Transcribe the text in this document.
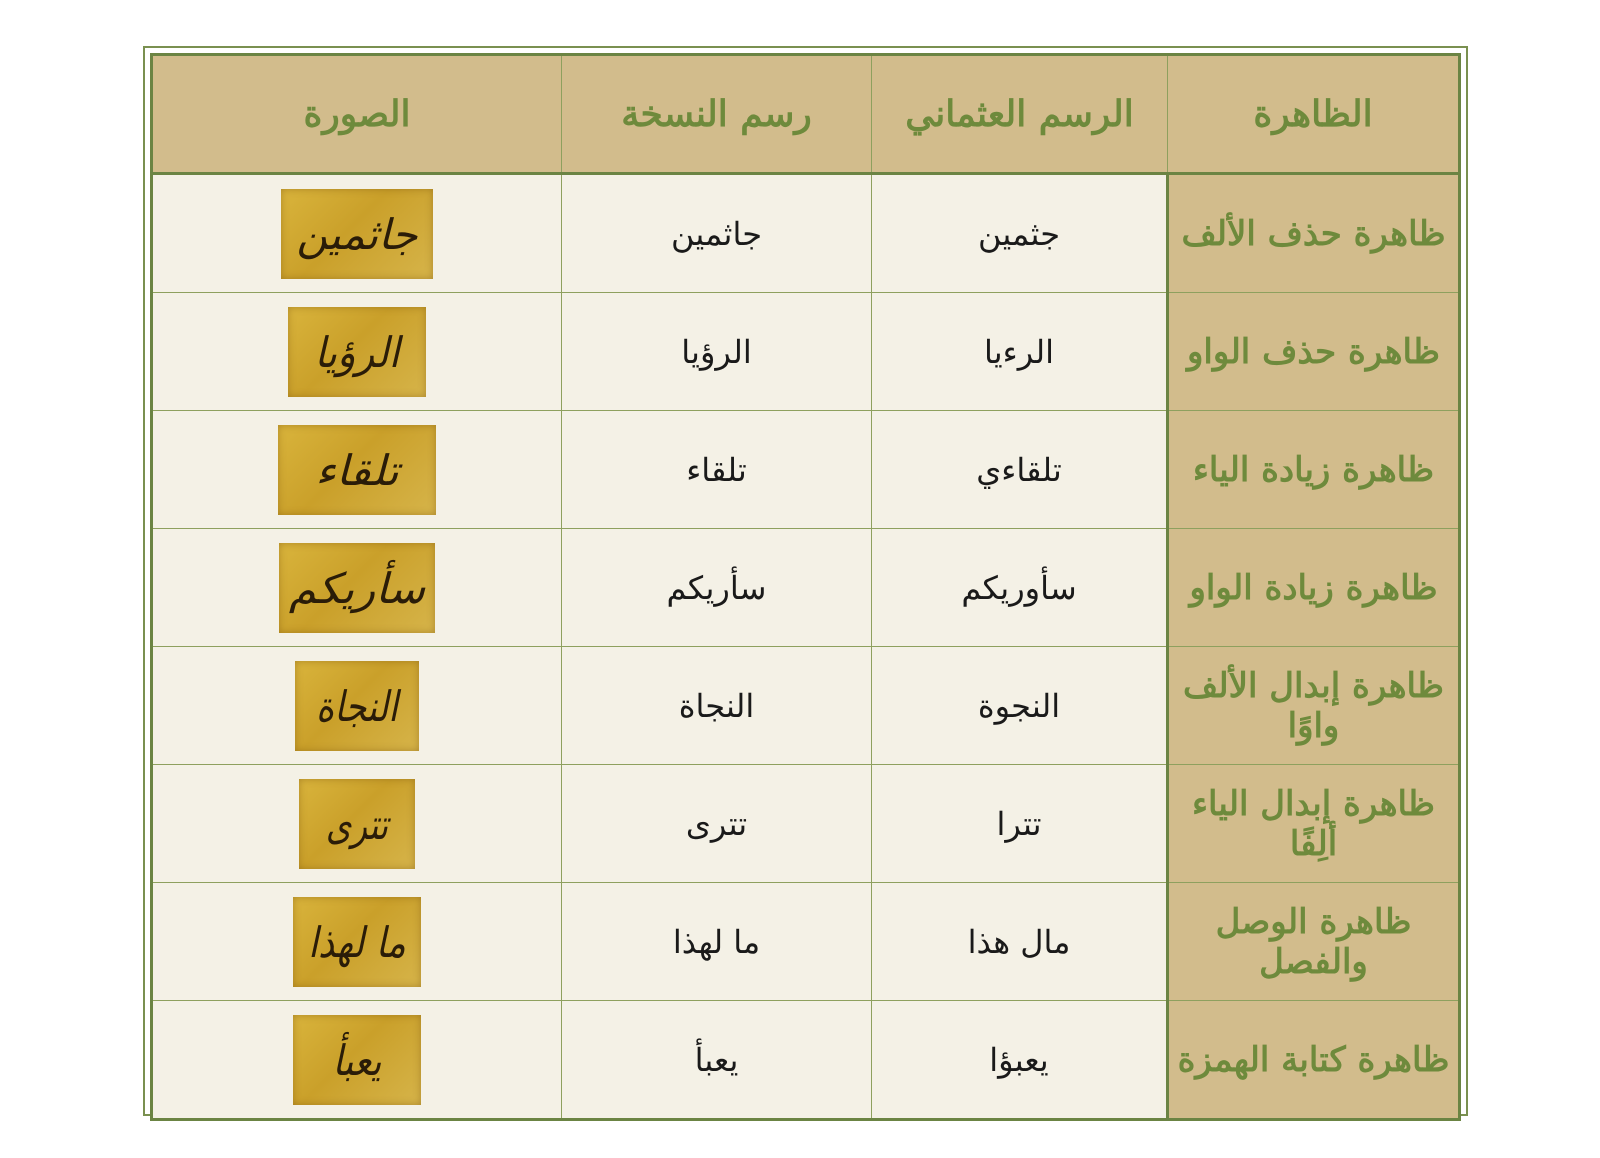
الظاهرة	الرسم العثماني	رسم النسخة	الصورة
ظاهرة حذف الألف	جثمين	جاثمين	جاثمين

ظاهرة حذف الواو	الرءيا	الرؤيا	الرؤيا

ظاهرة زيادة الياء	تلقاءي	تلقاء	تلقاء

ظاهرة زيادة الواو	سأوريكم	سأريكم	سأريكم

ظاهرة إبدال الألف واوًا	النجوة	النجاة	النجاة

ظاهرة إبدال الياء ألِفًا	تترا	تترى	تترى

ظاهرة الوصل والفصل	مال هذا	ما لهذا	ما لهذا

ظاهرة كتابة الهمزة	يعبؤا	يعبأ	يعبأ
